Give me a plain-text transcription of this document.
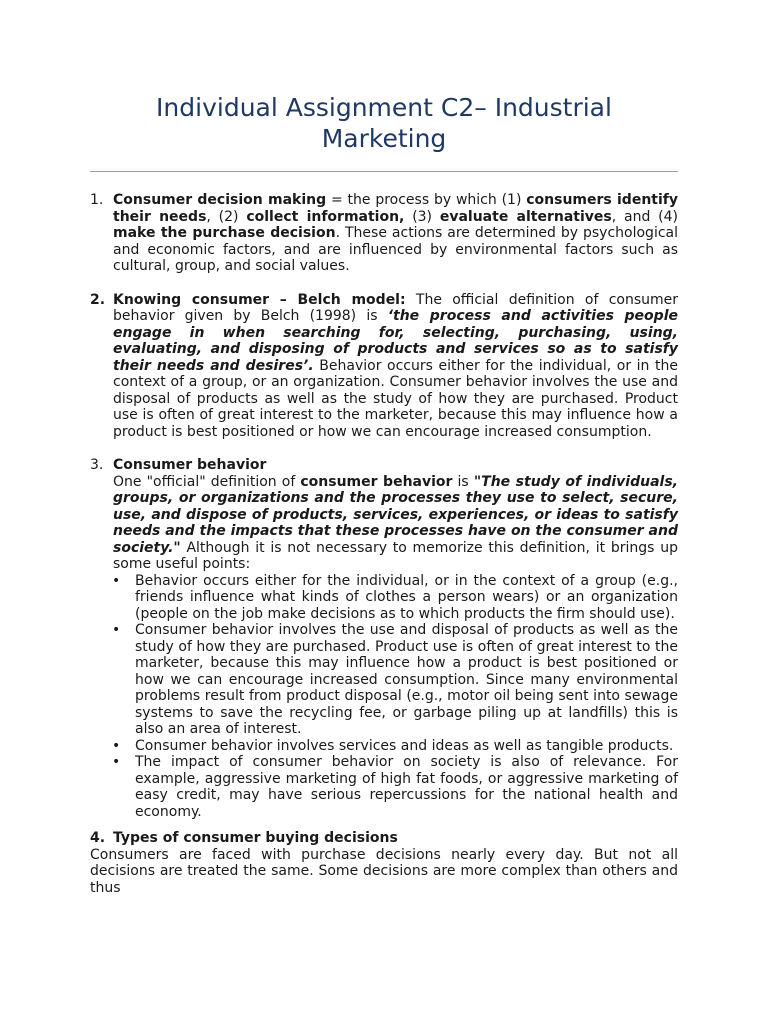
Individual Assignment C2– Industrial Marketing
1. Consumer decision making = the process by which (1) consumers identify their needs, (2) collect information, (3) evaluate alternatives, and (4) make the purchase decision. These actions are determined by psychological and economic factors, and are influenced by environmental factors such as cultural, group, and social values.

2. Knowing consumer – Belch model: The official definition of consumer behavior given by Belch (1998) is ‘the process and activities people engage in when searching for, selecting, purchasing, using, evaluating, and disposing of products and services so as to satisfy their needs and desires’. Behavior occurs either for the individual, or in the context of a group, or an organization. Consumer behavior involves the use and disposal of products as well as the study of how they are purchased. Product use is often of great interest to the marketer, because this may influence how a product is best positioned or how we can encourage increased consumption.

3. Consumer behavior

One "official" definition of consumer behavior is "The study of individuals, groups, or organizations and the processes they use to select, secure, use, and dispose of products, services, experiences, or ideas to satisfy needs and the impacts that these processes have on the consumer and society." Although it is not necessary to memorize this definition, it brings up some useful points:

• Behavior occurs either for the individual, or in the context of a group (e.g., friends influence what kinds of clothes a person wears) or an organization (people on the job make decisions as to which products the firm should use).
• Consumer behavior involves the use and disposal of products as well as the study of how they are purchased. Product use is often of great interest to the marketer, because this may influence how a product is best positioned or how we can encourage increased consumption. Since many environmental problems result from product disposal (e.g., motor oil being sent into sewage systems to save the recycling fee, or garbage piling up at landfills) this is also an area of interest.
• Consumer behavior involves services and ideas as well as tangible products.
• The impact of consumer behavior on society is also of relevance. For example, aggressive marketing of high fat foods, or aggressive marketing of easy credit, may have serious repercussions for the national health and economy.
4. Types of consumer buying decisions

Consumers are faced with purchase decisions nearly every day. But not all decisions are treated the same. Some decisions are more complex than others and thus
